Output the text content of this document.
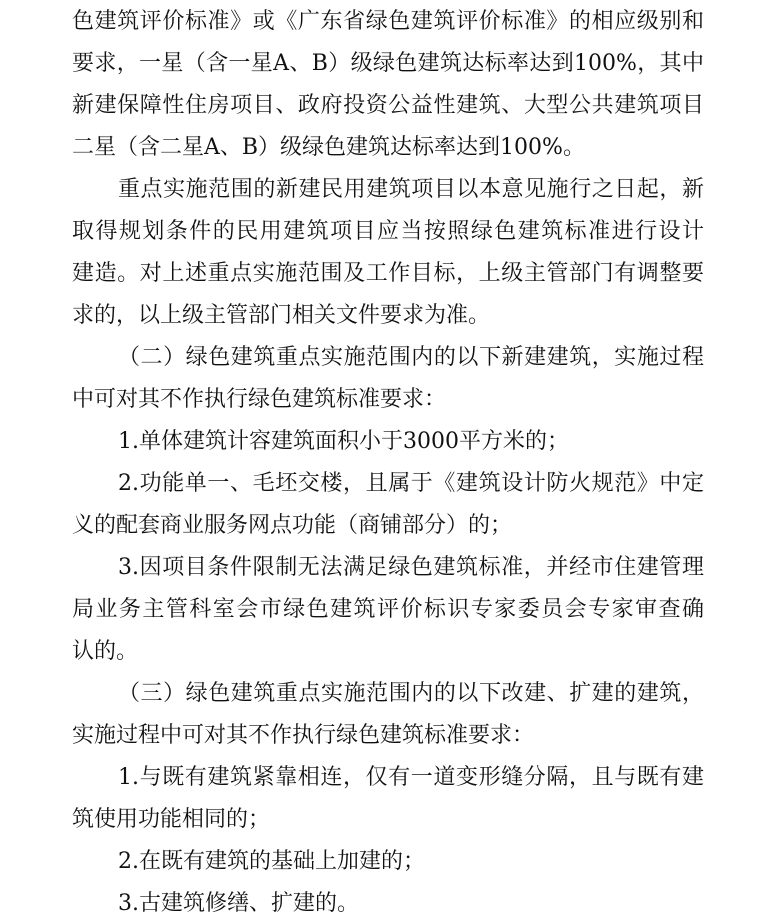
色建筑评价标准》或《广东省绿色建筑评价标准》的相应级别和
要求，一星（含一星A、B）级绿色建筑达标率达到100%，其中
新建保障性住房项目、政府投资公益性建筑、大型公共建筑项目
二星（含二星A、B）级绿色建筑达标率达到100%。
重点实施范围的新建民用建筑项目以本意见施行之日起，新
取得规划条件的民用建筑项目应当按照绿色建筑标准进行设计
建造。对上述重点实施范围及工作目标，上级主管部门有调整要
求的，以上级主管部门相关文件要求为准。
（二）绿色建筑重点实施范围内的以下新建建筑，实施过程
中可对其不作执行绿色建筑标准要求：
1.单体建筑计容建筑面积小于3000平方米的；
2.功能单一、毛坯交楼，且属于《建筑设计防火规范》中定
义的配套商业服务网点功能（商铺部分）的；
3.因项目条件限制无法满足绿色建筑标准，并经市住建管理
局业务主管科室会市绿色建筑评价标识专家委员会专家审查确
认的。
（三）绿色建筑重点实施范围内的以下改建、扩建的建筑，
实施过程中可对其不作执行绿色建筑标准要求：
1.与既有建筑紧靠相连，仅有一道变形缝分隔，且与既有建
筑使用功能相同的；
2.在既有建筑的基础上加建的；
3.古建筑修缮、扩建的。
